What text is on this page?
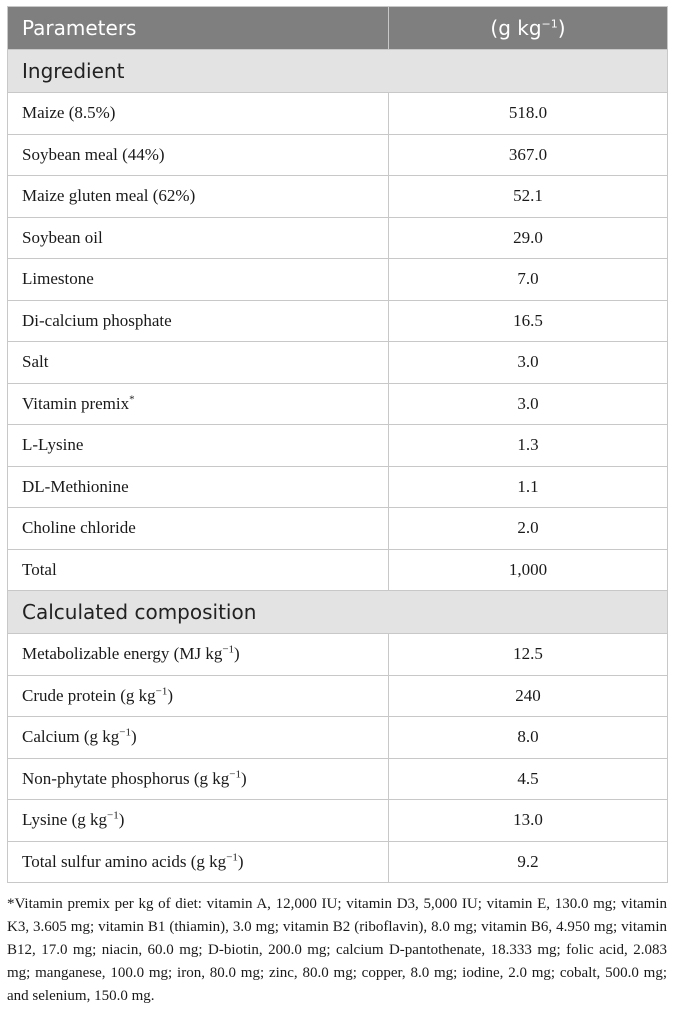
Parameters	(g $kg^{-1}$)
Ingredient	
Maize (8.5%)	518.0
Soybean meal (44%)	367.0
Maize gluten meal (62%)	52.1
Soybean oil	29.0
Limestone	7.0
Di-calcium phosphate	16.5
Salt	3.0
Vitamin premix*	3.0
L-Lysine	1.3
DL-Methionine	1.1
Choline chloride	2.0
Total	1,000
Calculated composition	
Metabolizable energy (MJ $kg^{-1}$)	12.5
Crude protein (g $kg^{-1}$)	240
Calcium (g $kg^{-1}$)	8.0
Non-phytate phosphorus (g $kg^{-1}$)	4.5
Lysine (g $kg^{-1}$)	13.0
Total sulfur amino acids (g $kg^{-1}$)	9.2
*Vitamin premix per kg of diet: vitamin A, 12,000 IU; vitamin D3, 5,000 IU; vitamin E, 130.0 mg; vitamin K3, 3.605 mg; vitamin B1 (thiamin), 3.0 mg; vitamin B2 (riboflavin), 8.0 mg; vitamin B6, 4.950 mg; vitamin B12, 17.0 mg; niacin, 60.0 mg; D-biotin, 200.0 mg; calcium D-pantothenate, 18.333 mg; folic acid, 2.083 mg; manganese, 100.0 mg; iron, 80.0 mg; zinc, 80.0 mg; copper, 8.0 mg; iodine, 2.0 mg; cobalt, 500.0 mg; and selenium, 150.0 mg.
